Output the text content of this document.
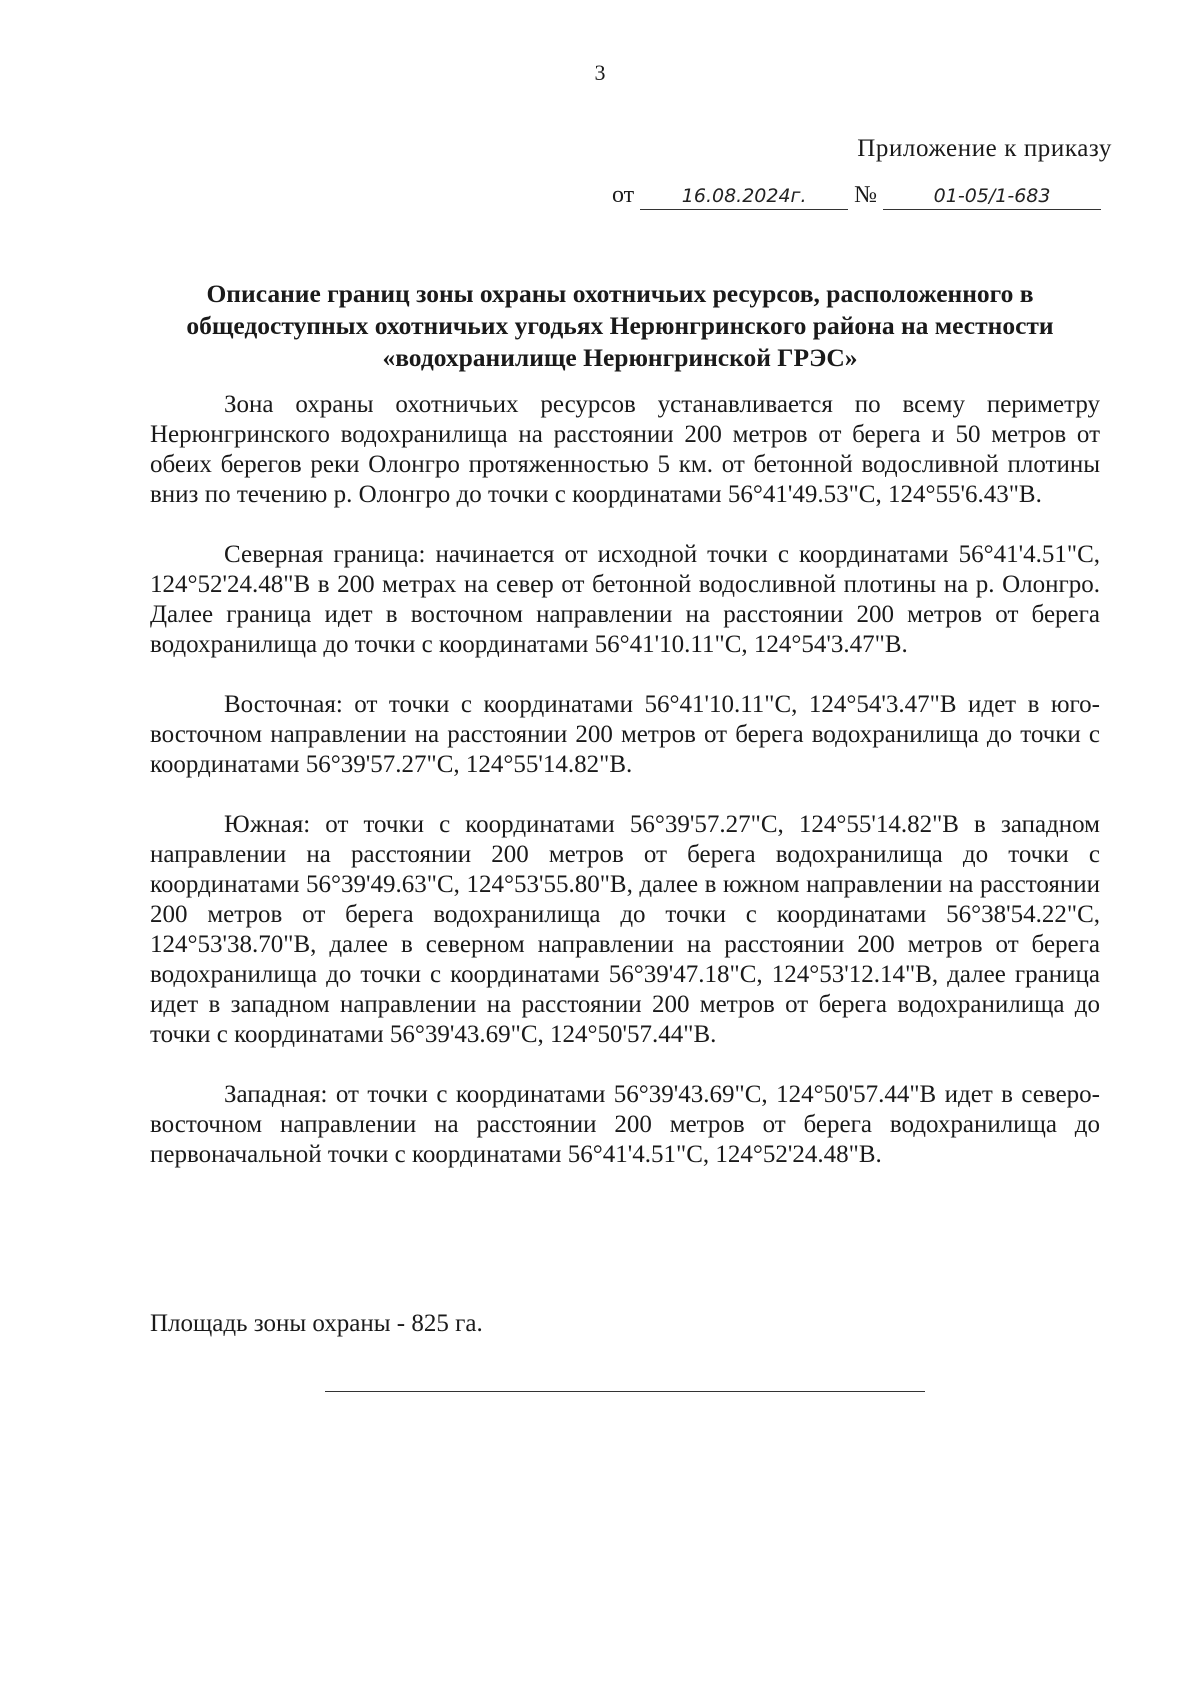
3
Приложение к приказу
от	16.08.2024г. №	01-05/1-683
Описание границ зоны охраны охотничьих ресурсов, расположенного в общедоступных охотничьих угодьях Нерюнгринского района на местности «водохранилище Нерюнгринской ГРЭС»

Зона охраны охотничьих ресурсов устанавливается по всему периметру Нерюнгринского водохранилища на расстоянии 200 метров от берега и 50 метров от обеих берегов реки Олонгро протяженностью 5 км. от бетонной водосливной плотины вниз по течению р. Олонгро до точки с координатами 56°41'49.53"С, 124°55'6.43"В.

Северная граница: начинается от исходной точки с координатами 56°41'4.51"С, 124°52'24.48"В в 200 метрах на север от бетонной водосливной плотины на р. Олонгро. Далее граница идет в восточном направлении на расстоянии 200 метров от берега водохранилища до точки с координатами 56°41'10.11"С, 124°54'3.47"В.

Восточная: от точки с координатами 56°41'10.11"С, 124°54'3.47"В идет в юго-восточном направлении на расстоянии 200 метров от берега водохранилища до точки с координатами 56°39'57.27"С, 124°55'14.82"В.

Южная: от точки с координатами 56°39'57.27"С, 124°55'14.82"В в западном направлении на расстоянии 200 метров от берега водохранилища до точки с координатами 56°39'49.63"С, 124°53'55.80"В, далее в южном направлении на расстоянии 200 метров от берега водохранилища до точки с координатами 56°38'54.22"С, 124°53'38.70"В, далее в северном направлении на расстоянии 200 метров от берега водохранилища до точки с координатами 56°39'47.18"С, 124°53'12.14"В, далее граница идет в западном направлении на расстоянии 200 метров от берега водохранилища до точки с координатами 56°39'43.69"С, 124°50'57.44"В.

Западная: от точки с координатами 56°39'43.69"С, 124°50'57.44"В идет в северо-восточном направлении на расстоянии 200 метров от берега водохранилища до первоначальной точки с координатами 56°41'4.51"С, 124°52'24.48"В.

Площадь зоны охраны - 825 га.
